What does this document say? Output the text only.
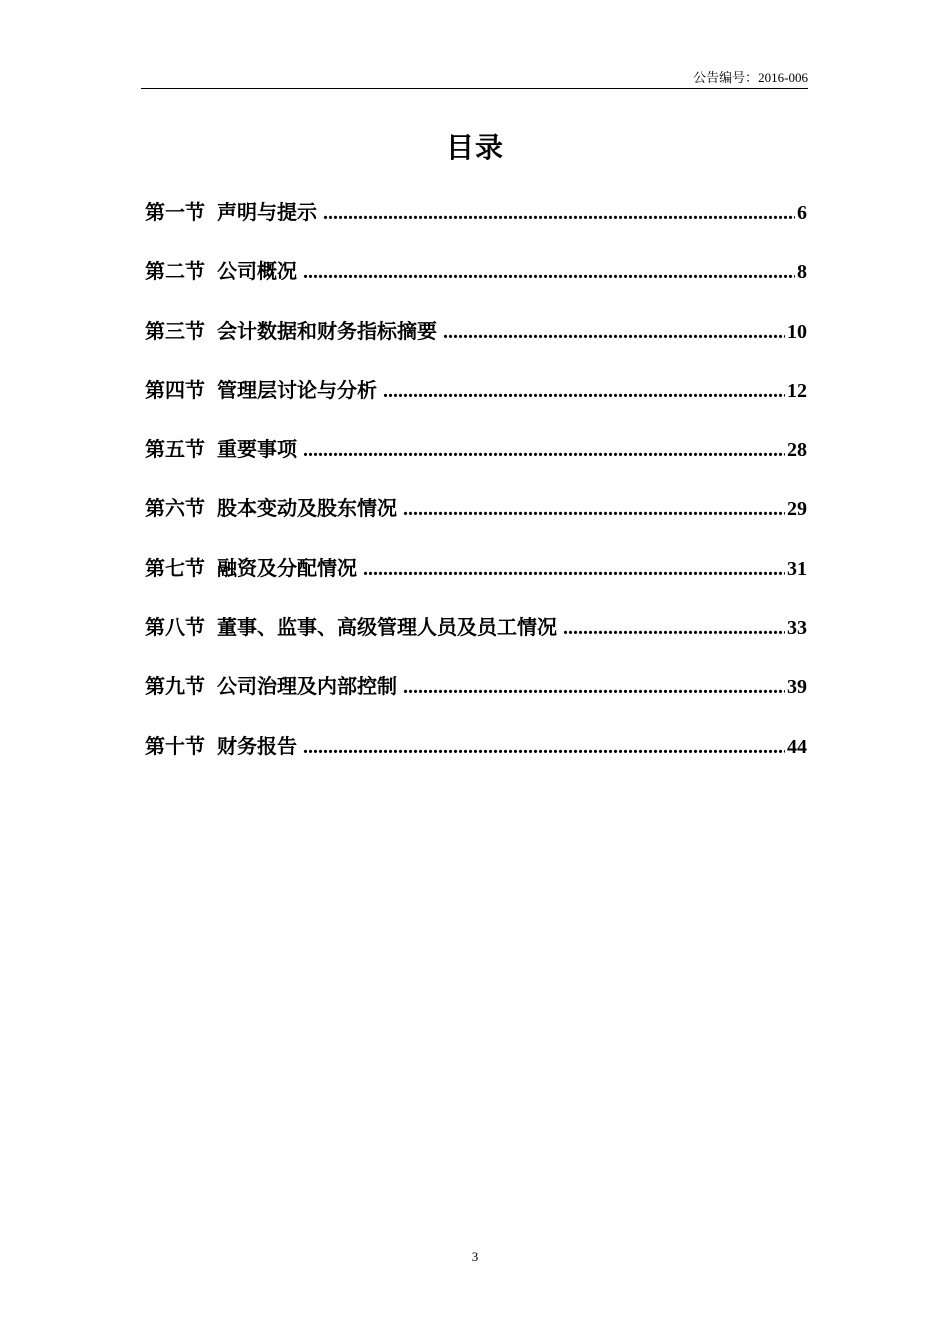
公告编号：2016-006
目录
第一节 声明与提示 .....	6
第二节 公司概况 .....	8
第三节 会计数据和财务指标摘要 .....	10
第四节 管理层讨论与分析 .....	12
第五节 重要事项 .....	28
第六节 股本变动及股东情况 .....	29
第七节 融资及分配情况 .....	31
第八节 董事、监事、高级管理人员及员工情况 .....	33
第九节 公司治理及内部控制 .....	39
第十节 财务报告 .....	44
3
